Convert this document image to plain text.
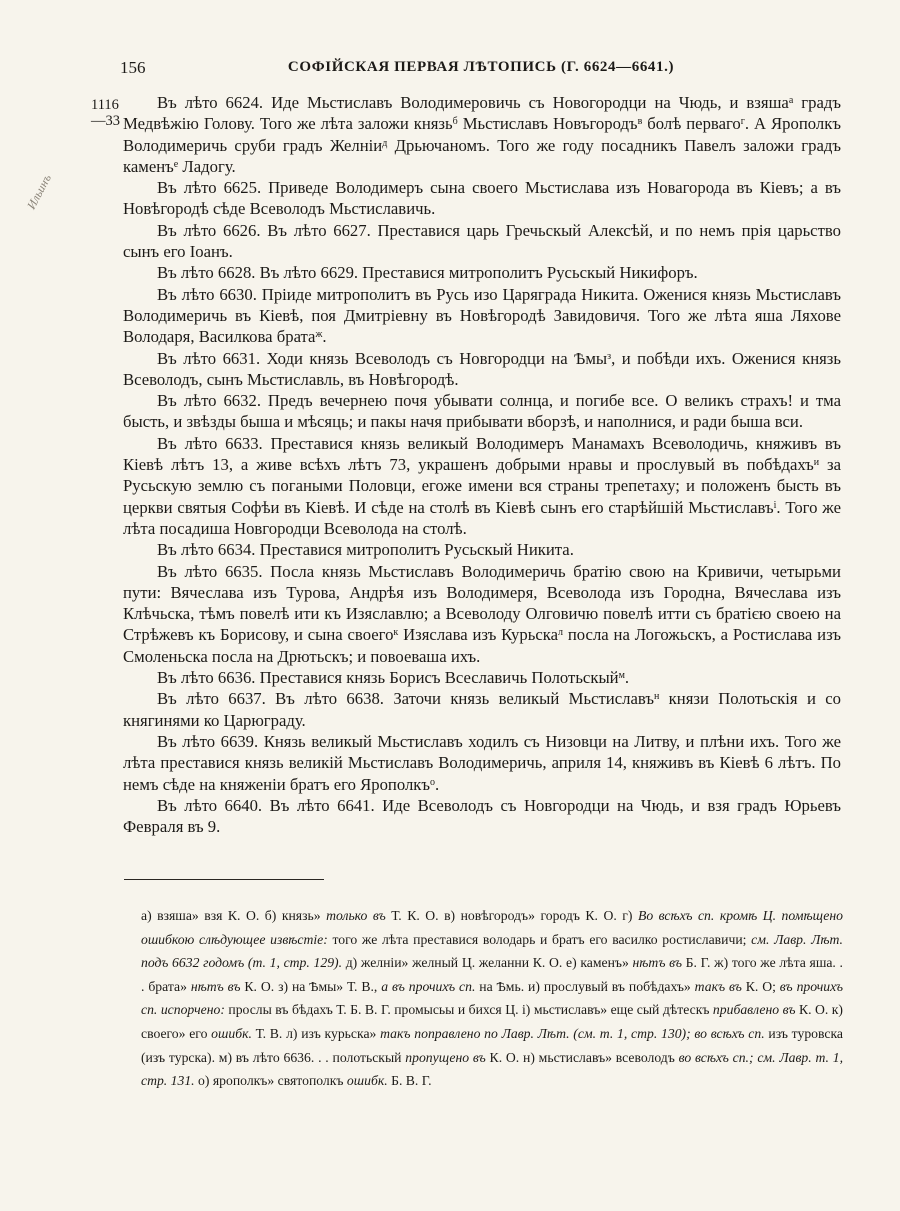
156	СОФІЙСКАЯ ПЕРВАЯ ЛѢТОПИСЬ (Г. 6624—6641.)
1116
—33
Ильинъ

Въ лѣто 6624. Иде Мьстиславъ Володимеровичь съ Новогородци на Чюдь, и взяша$^а$ градъ Медвѣжію Голову. Того же лѣта заложи князь$^б$ Мьстиславъ Новъгородъ$^в$ болѣ перваго$^г$. А Ярополкъ Володимеричь сруби градъ Желніи$^д$ Дрьючаномъ. Того же году посадникъ Павелъ заложи градъ каменъ$^е$ Ладогу.

Въ лѣто 6625. Приведе Володимеръ сына своего Мьстислава изъ Новагорода въ Кіевъ; а въ Новѣгородѣ сѣде Всеволодъ Мьстиславичь.

Въ лѣто 6626. Въ лѣто 6627. Преставися царь Гречьскый Алексѣй, и по немъ прія царьство сынъ его Іоанъ.

Въ лѣто 6628. Въ лѣто 6629. Преставися митрополитъ Русьскый Никифоръ.

Въ лѣто 6630. Пріиде митрополитъ въ Русь изо Царяграда Никита. Оженися князь Мьстиславъ Володимеричь въ Кіевѣ, поя Дмитріевну въ Новѣгородѣ Завидовичя. Того же лѣта яша Ляхове Володаря, Василкова брата$^ж$.

Въ лѣто 6631. Ходи князь Всеволодъ съ Новгородци на Ѣмы$^з$, и побѣди ихъ. Оженися князь Всеволодъ, сынъ Мьстиславль, въ Новѣгородѣ.

Въ лѣто 6632. Предъ вечернею почя убывати солнца, и погибе все. О великъ страхъ! и тма бысть, и звѣзды быша и мѣсяць; и пакы начя прибывати вборзѣ, и наполнися, и ради быша вси.

Въ лѣто 6633. Преставися князь великый Володимеръ Манамахъ Всеволодичь, княживъ въ Кіевѣ лѣтъ 13, а живе всѣхъ лѣтъ 73, украшенъ добрыми нравы и прослувый въ побѣдахъ$^и$ за Русьскую землю съ погаными Половци, егоже имени вся страны трепетаху; и положенъ бысть въ церкви святыя Софѣи въ Кіевѣ. И сѣде на столѣ въ Кіевѣ сынъ его старѣйшій Мьстиславъ$^і$. Того же лѣта посадиша Новгородци Всеволода на столѣ.

Въ лѣто 6634. Преставися митрополитъ Русьскый Никита.

Въ лѣто 6635. Посла князь Мьстиславъ Володимеричь братію свою на Кривичи, четырьми пути: Вячеслава изъ Турова, Андрѣя изъ Володимеря, Всеволода изъ Городна, Вячеслава изъ Клѣчьска, тѣмъ повелѣ ити къ Изяславлю; а Всеволоду Олговичю повелѣ итти съ братією своею на Стрѣжевъ къ Борисову, и сына своего$^к$ Изяслава изъ Курьска$^л$ посла на Логожьскъ, а Ростислава изъ Смоленьска посла на Дрютьскъ; и повоеваша ихъ.

Въ лѣто 6636. Преставися князь Борисъ Всеславичь Полотьскый$^м$.

Въ лѣто 6637. Въ лѣто 6638. Заточи князь великый Мьстиславъ$^н$ князи Полотьскія и со княгинями ко Царюграду.

Въ лѣто 6639. Князь великый Мьстиславъ ходилъ съ Низовци на Литву, и плѣни ихъ. Того же лѣта преставися князь великій Мьстиславъ Володимеричь, априля 14, княживъ въ Кіевѣ 6 лѣтъ. По немъ сѣде на княженіи братъ его Ярополкъ$^о$.

Въ лѣто 6640. Въ лѣто 6641. Иде Всеволодъ съ Новгородци на Чюдь, и взя градъ Юрьевъ Февраля въ 9.

а) взяша» взя К. О. б) князь» только въ Т. К. О. в) новѣгородъ» городъ К. О. г) Во всѣхъ сп. кромѣ Ц. помѣщено ошибкою слѣдующее извѣстіе: того же лѣта преставися володарь и братъ его василко ростиславичи; см. Лавр. Лѣт. подъ 6632 годомъ (т. 1, стр. 129). д) желніи» желный Ц. желанни К. О. е) каменъ» нѣтъ въ Б. Г. ж) того же лѣта яша. . . брата» нѣтъ въ К. О. з) на Ѣмы» Т. В., а въ прочихъ сп. на Ѣмь. и) прослувый въ побѣдахъ» такъ въ К. О; въ прочихъ сп. испорчено: прослы въ бѣдахъ Т. Б. В. Г. промысьы и бихся Ц. і) мьстиславъ» еще сый дѣтескъ прибавлено въ К. О. к) своего» его ошибк. Т. В. л) изъ курьска» такъ поправлено по Лавр. Лѣт. (см. т. 1, стр. 130); во всѣхъ сп. изъ туровска (изъ турска). м) въ лѣто 6636. . . полотьскый пропущено въ К. О. н) мьстиславъ» всеволодъ во всѣхъ сп.; см. Лавр. т. 1, стр. 131. о) ярополкъ» святополкъ ошибк. Б. В. Г.
